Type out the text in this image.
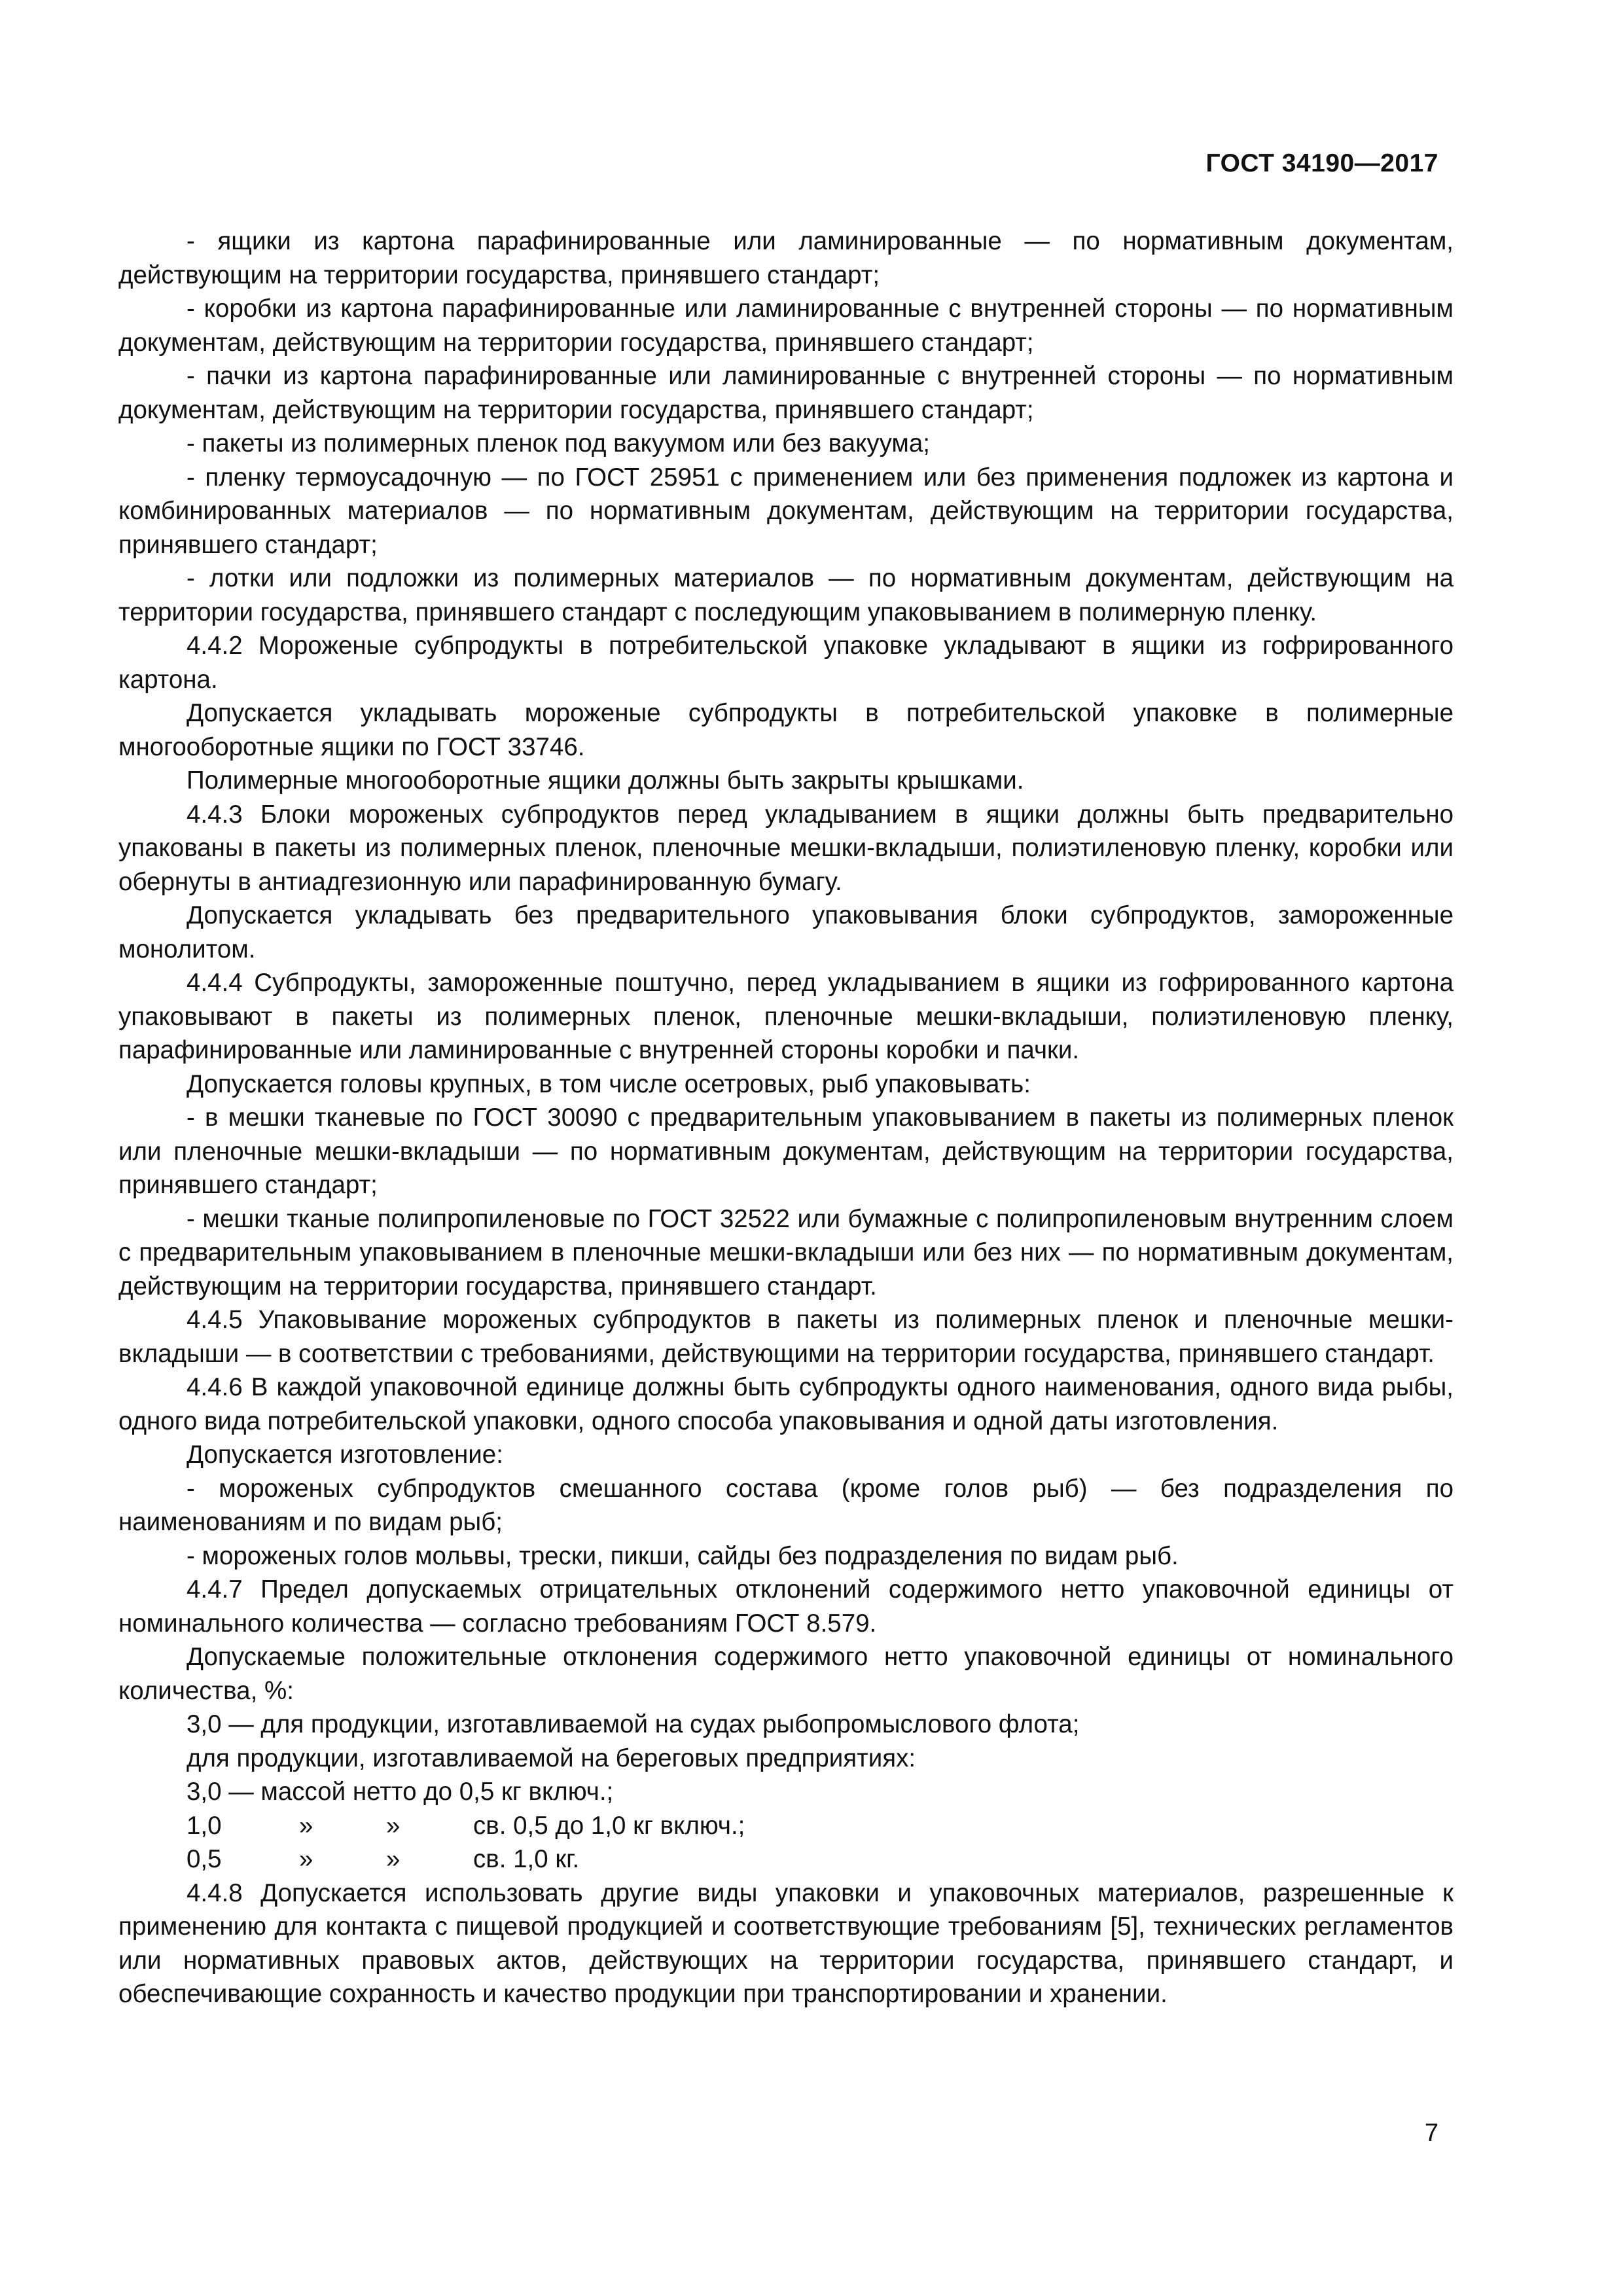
ГОСТ 34190—2017

- ящики из картона парафинированные или ламинированные — по нормативным документам, действующим на территории государства, принявшего стандарт;

- коробки из картона парафинированные или ламинированные с внутренней стороны — по нормативным документам, действующим на территории государства, принявшего стандарт;

- пачки из картона парафинированные или ламинированные с внутренней стороны — по нормативным документам, действующим на территории государства, принявшего стандарт;

- пакеты из полимерных пленок под вакуумом или без вакуума;

- пленку термоусадочную — по ГОСТ 25951 с применением или без применения подложек из картона и комбинированных материалов — по нормативным документам, действующим на территории государства, принявшего стандарт;

- лотки или подложки из полимерных материалов — по нормативным документам, действующим на территории государства, принявшего стандарт с последующим упаковыванием в полимерную пленку.

4.4.2 Мороженые субпродукты в потребительской упаковке укладывают в ящики из гофрированного картона.

Допускается укладывать мороженые субпродукты в потребительской упаковке в полимерные многооборотные ящики по ГОСТ 33746.

Полимерные многооборотные ящики должны быть закрыты крышками.

4.4.3 Блоки мороженых субпродуктов перед укладыванием в ящики должны быть предварительно упакованы в пакеты из полимерных пленок, пленочные мешки-вкладыши, полиэтиленовую пленку, коробки или обернуты в антиадгезионную или парафинированную бумагу.

Допускается укладывать без предварительного упаковывания блоки субпродуктов, замороженные монолитом.

4.4.4 Субпродукты, замороженные поштучно, перед укладыванием в ящики из гофрированного картона упаковывают в пакеты из полимерных пленок, пленочные мешки-вкладыши, полиэтиленовую пленку, парафинированные или ламинированные с внутренней стороны коробки и пачки.

Допускается головы крупных, в том числе осетровых, рыб упаковывать:

- в мешки тканевые по ГОСТ 30090 с предварительным упаковыванием в пакеты из полимерных пленок или пленочные мешки-вкладыши — по нормативным документам, действующим на территории государства, принявшего стандарт;

- мешки тканые полипропиленовые по ГОСТ 32522 или бумажные с полипропиленовым внутренним слоем с предварительным упаковыванием в пленочные мешки-вкладыши или без них — по нормативным документам, действующим на территории государства, принявшего стандарт.

4.4.5 Упаковывание мороженых субпродуктов в пакеты из полимерных пленок и пленочные мешки-вкладыши — в соответствии с требованиями, действующими на территории государства, принявшего стандарт.

4.4.6 В каждой упаковочной единице должны быть субпродукты одного наименования, одного вида рыбы, одного вида потребительской упаковки, одного способа упаковывания и одной даты изготовления.

Допускается изготовление:

- мороженых субпродуктов смешанного состава (кроме голов рыб) — без подразделения по наименованиям и по видам рыб;

- мороженых голов мольвы, трески, пикши, сайды без подразделения по видам рыб.

4.4.7 Предел допускаемых отрицательных отклонений содержимого нетто упаковочной единицы от номинального количества — согласно требованиям ГОСТ 8.579.

Допускаемые положительные отклонения содержимого нетто упаковочной единицы от номинального количества, %:

3,0 — для продукции, изготавливаемой на судах рыбопромыслового флота;

для продукции, изготавливаемой на береговых предприятиях:

3,0 — массой нетто до 0,5 кг включ.;

1,0	»	»	св. 0,5 до 1,0 кг включ.;
0,5	»	»	св. 1,0 кг.

4.4.8 Допускается использовать другие виды упаковки и упаковочных материалов, разрешенные к применению для контакта с пищевой продукцией и соответствующие требованиям [5], технических регламентов или нормативных правовых актов, действующих на территории государства, принявшего стандарт, и обеспечивающие сохранность и качество продукции при транспортировании и хранении.

7
